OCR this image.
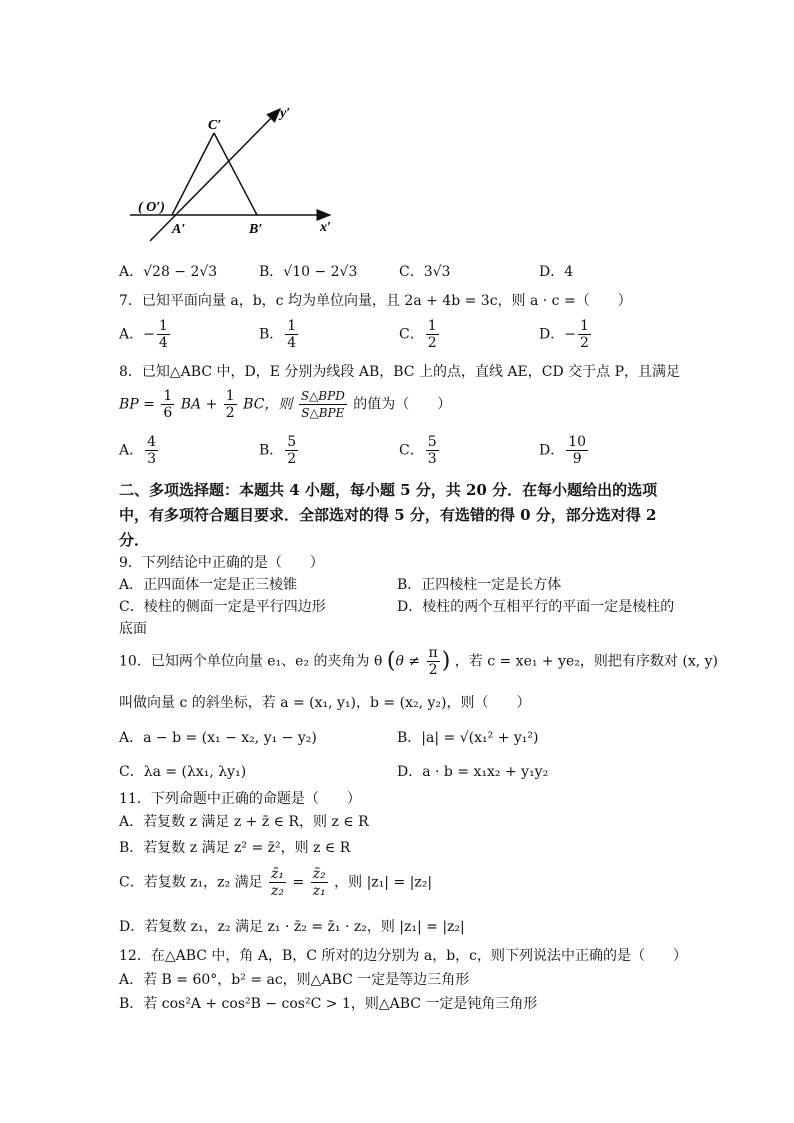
C′
y′
( O′)
A′	B′	x′
A．√28 − 2√3	B．√10 − 2√3	C．3√3	D．4
7．已知平面向量 a，b，c 均为单位向量，且 2a + 4b = 3c，则 a · c =（　　）
A．− $\frac{1}{4}$	B． $\frac{1}{4}$	C． $\frac{1}{2}$	D．− $\frac{1}{2}$
8．已知△ABC 中，D，E 分别为线段 AB，BC 上的点，直线 AE，CD 交于点 P，且满足
BP = $\frac{1}{6}$ BA + $\frac{1}{2}$ BC，则 $\frac{\text{S△BPD}}{\text{S△BPE}}$ 的值为（　　）
A． $\frac{4}{3}$	B． $\frac{5}{2}$	C． $\frac{5}{3}$	D． $\frac{10}{9}$
二、多项选择题：本题共 4 小题，每小题 5 分，共 20 分．在每小题给出的选项
中，有多项符合题目要求．全部选对的得 5 分，有选错的得 0 分，部分选对得 2
分．
9．下列结论中正确的是（　　）
A．正四面体一定是正三棱锥	B．正四棱柱一定是长方体
C．棱柱的侧面一定是平行四边形	D．棱柱的两个互相平行的平面一定是棱柱的
底面
10．已知两个单位向量 e₁、e₂ 的夹角为 θ ($\theta \ne \frac{\pi}{2}$ ) ，若 c = xe₁ + ye₂，则把有序数对 (x, y)
叫做向量 c 的斜坐标，若 a = (x₁, y₁)，b = (x₂, y₂)，则（　　）
A．a − b = (x₁ − x₂, y₁ − y₂)	B．|a| = √(x₁² + y₁²)
C．λa = (λx₁, λy₁)	D．a · b = x₁x₂ + y₁y₂
11．下列命题中正确的命题是（　　）
A．若复数 z 满足 z + z̄ ∈ R，则 z ∈ R
B．若复数 z 满足 z² = z̄²，则 z ∈ R
C．若复数 z₁，z₂ 满足 $\frac{\text{z̄₁}}{\text{z₂}} = \frac{\text{z̄₂}}{\text{z₁}}$ ，则 |z₁| = |z₂|
D．若复数 z₁，z₂ 满足 z₁ · z̄₂ = z̄₁ · z₂，则 |z₁| = |z₂|
12．在△ABC 中，角 A，B，C 所对的边分别为 a，b，c，则下列说法中正确的是（　　）
A．若 B = 60°，b² = ac，则△ABC 一定是等边三角形
B．若 cos²A + cos²B − cos²C > 1，则△ABC 一定是钝角三角形
